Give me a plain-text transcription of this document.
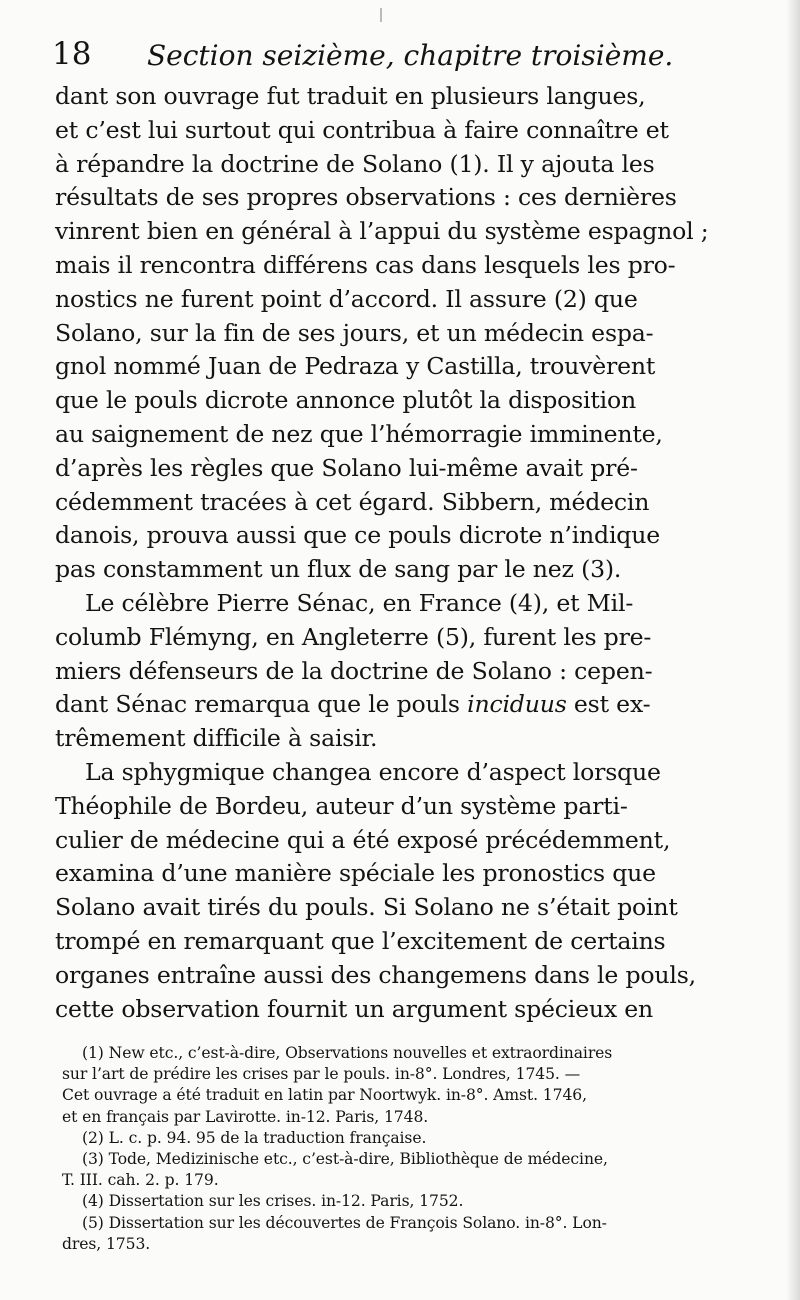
18 Section seizième, chapitre troisième.
dant son ouvrage fut traduit en plusieurs langues,
et c’est lui surtout qui contribua à faire connaître et
à répandre la doctrine de Solano (1). Il y ajouta les
résultats de ses propres observations : ces dernières
vinrent bien en général à l’appui du système espagnol ;
mais il rencontra différens cas dans lesquels les pro-
nostics ne furent point d’accord. Il assure (2) que
Solano, sur la fin de ses jours, et un médecin espa-
gnol nommé Juan de Pedraza y Castilla, trouvèrent
que le pouls dicrote annonce plutôt la disposition
au saignement de nez que l’hémorragie imminente,
d’après les règles que Solano lui-même avait pré-
cédemment tracées à cet égard. Sibbern, médecin
danois, prouva aussi que ce pouls dicrote n’indique
pas constamment un flux de sang par le nez (3).
Le célèbre Pierre Sénac, en France (4), et Mil-
columb Flémyng, en Angleterre (5), furent les pre-
miers défenseurs de la doctrine de Solano : cepen-
dant Sénac remarqua que le pouls inciduus est ex-
trêmement difficile à saisir.
La sphygmique changea encore d’aspect lorsque
Théophile de Bordeu, auteur d’un système parti-
culier de médecine qui a été exposé précédemment,
examina d’une manière spéciale les pronostics que
Solano avait tirés du pouls. Si Solano ne s’était point
trompé en remarquant que l’excitement de certains
organes entraîne aussi des changemens dans le pouls,
cette observation fournit un argument spécieux en
(1) New etc., c’est-à-dire, Observations nouvelles et extraordinaires
sur l’art de prédire les crises par le pouls. in-8°. Londres, 1745. —
Cet ouvrage a été traduit en latin par Noortwyk. in-8°. Amst. 1746,
et en français par Lavirotte. in-12. Paris, 1748.
(2) L. c. p. 94. 95 de la traduction française.
(3) Tode, Medizinische etc., c’est-à-dire, Bibliothèque de médecine,
T. III. cah. 2. p. 179.
(4) Dissertation sur les crises. in-12. Paris, 1752.
(5) Dissertation sur les découvertes de François Solano. in-8°. Lon-
dres, 1753.
